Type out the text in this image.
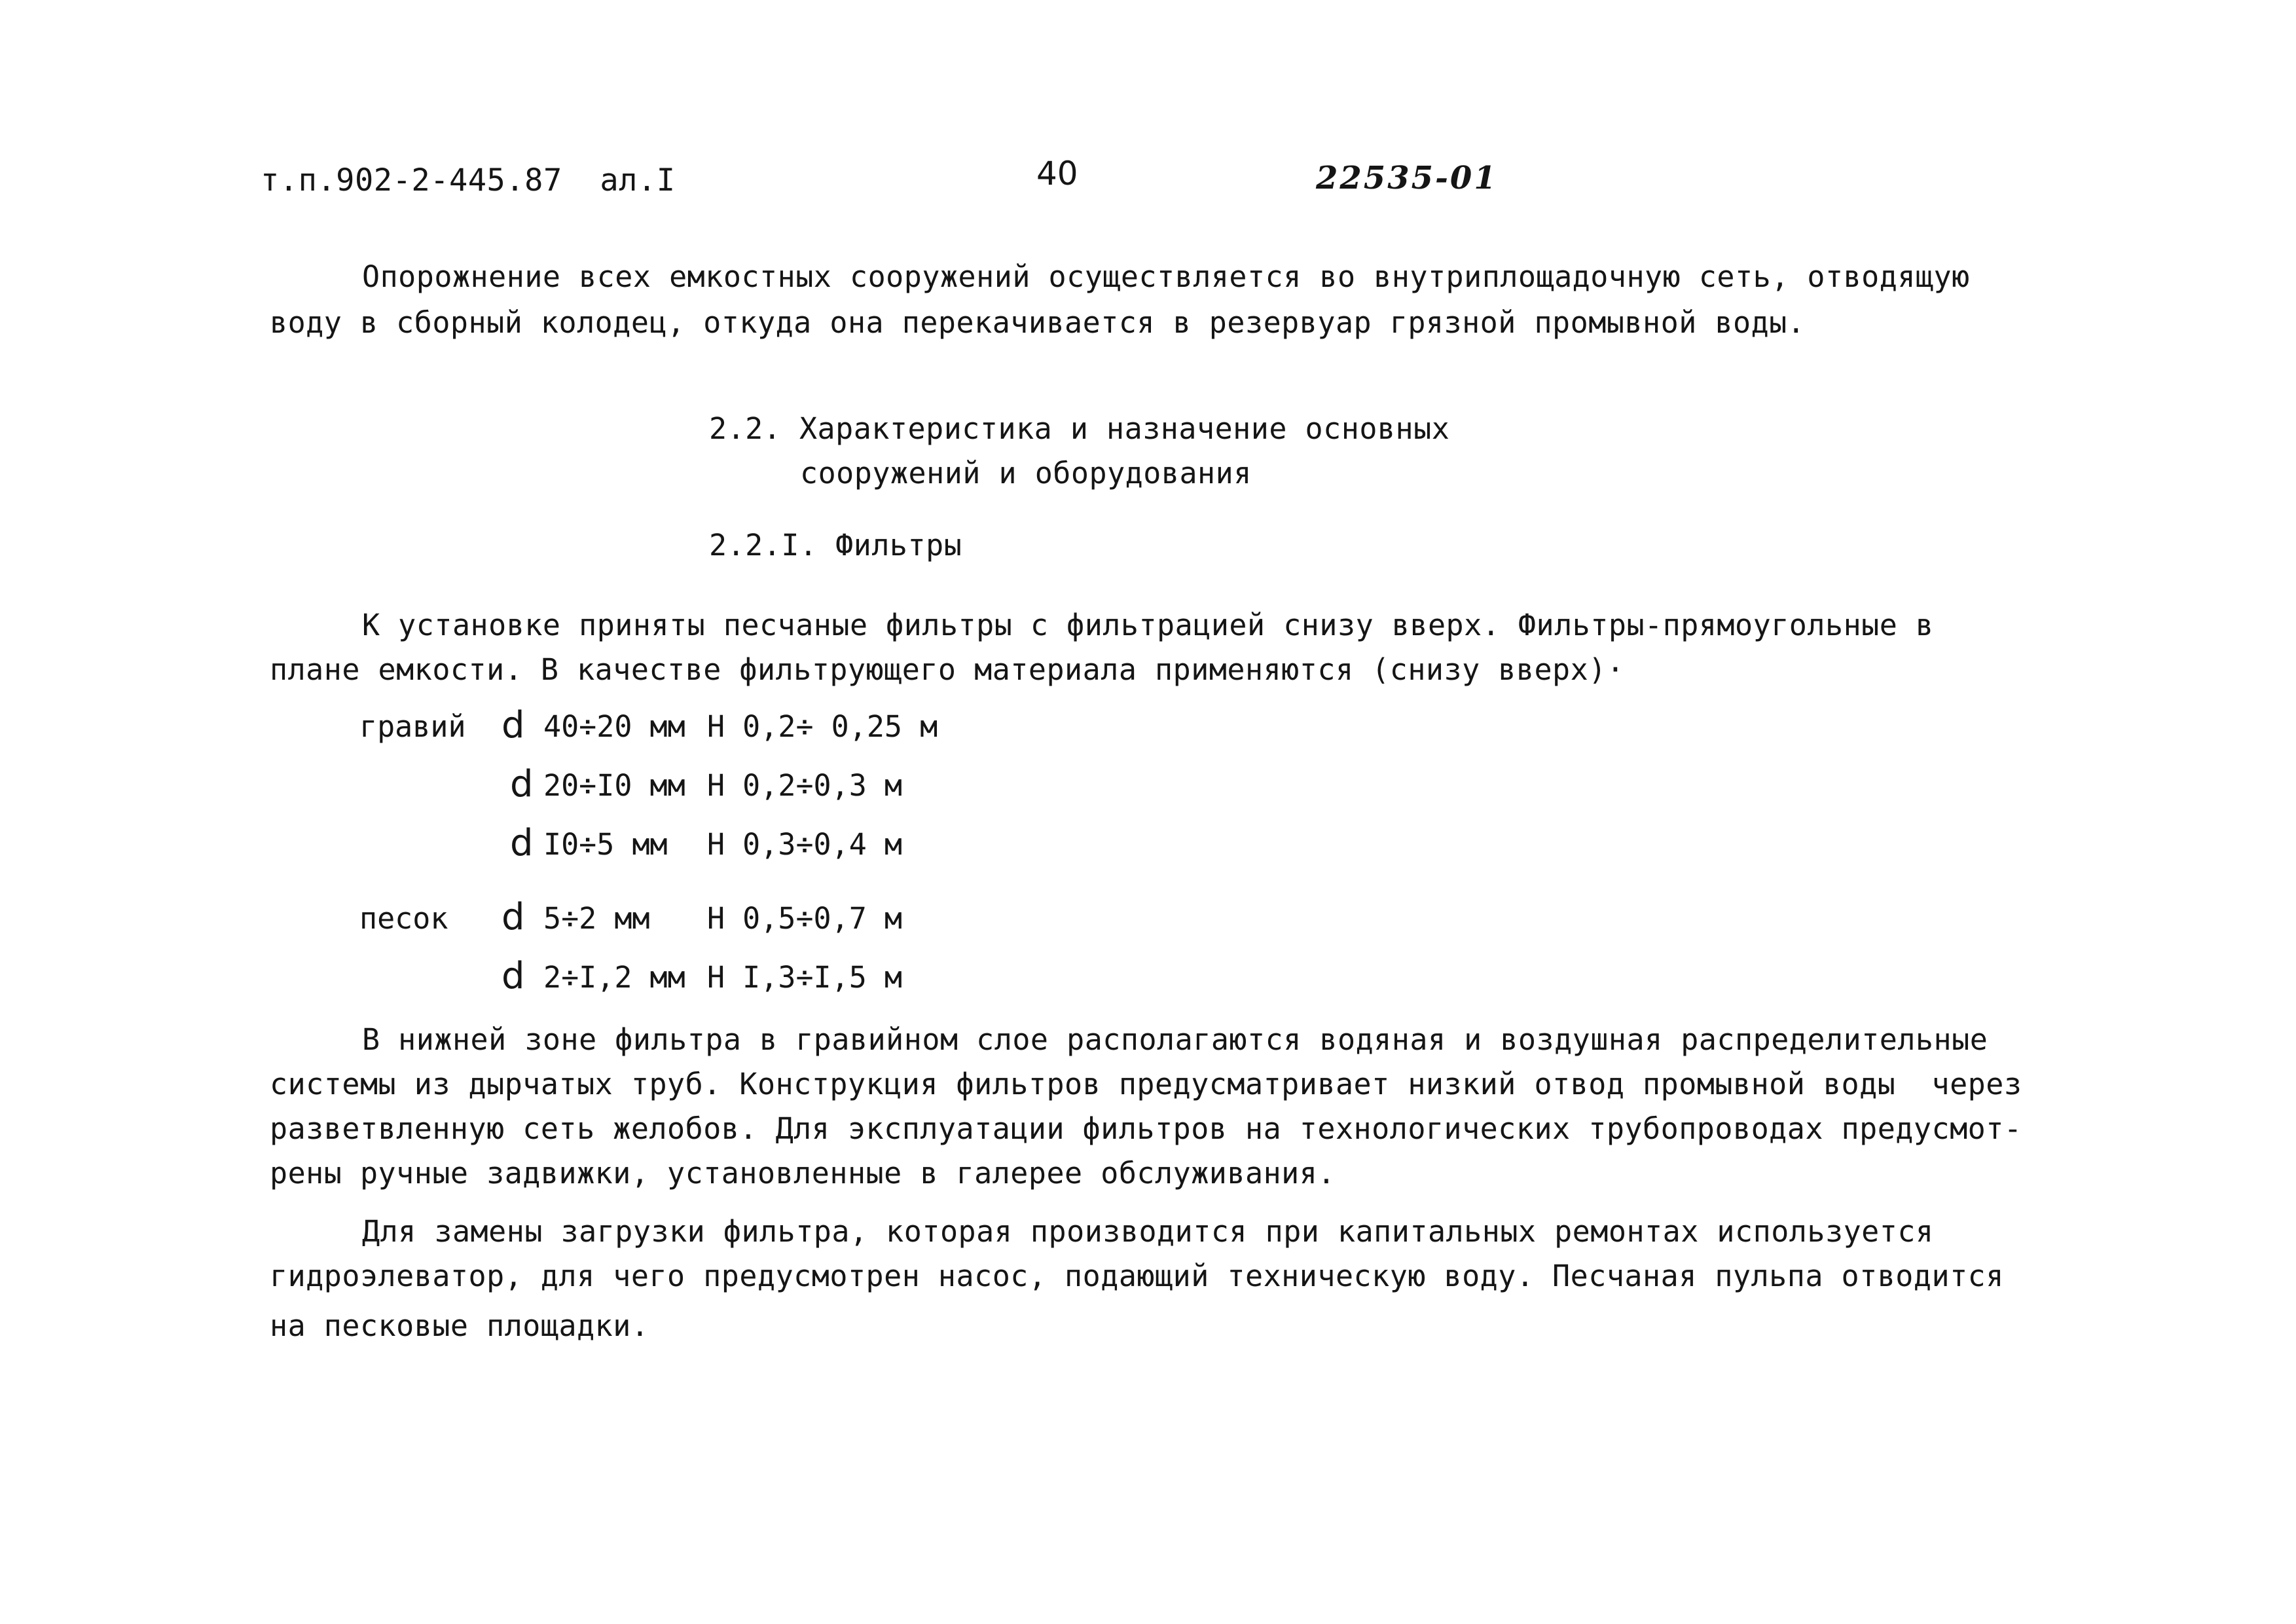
т.п.902-2-445.87  ал.I	40	22535-01
Опорожнение всех емкостных сооружений осуществляется во внутриплощадочную сеть, отводящую
воду в сборный колодец, откуда она перекачивается в резервуар грязной промывной воды.
2.2. Характеристика и назначение основных
сооружений и оборудования
2.2.I. Фильтры
К установке приняты песчаные фильтры с фильтрацией снизу вверх. Фильтры-прямоугольные в
плане емкости. В качестве фильтрующего материала применяются (снизу вверх)·
гравий d 40÷20 мм Н 0,2÷ 0,25 м
d 20÷I0 мм Н 0,2÷0,3 м
d I0÷5 мм Н 0,3÷0,4 м
песок d 5÷2 мм Н 0,5÷0,7 м
d 2÷I,2 мм Н I,3÷I,5 м
В нижней зоне фильтра в гравийном слое располагаются водяная и воздушная распределительные
системы из дырчатых труб. Конструкция фильтров предусматривает низкий отвод промывной воды  через
разветвленную сеть желобов. Для эксплуатации фильтров на технологических трубопроводах предусмот-
рены ручные задвижки, установленные в галерее обслуживания.
Для замены загрузки фильтра, которая производится при капитальных ремонтах используется
гидроэлеватор, для чего предусмотрен насос, подающий техническую воду. Песчаная пульпа отводится
на песковые площадки.
